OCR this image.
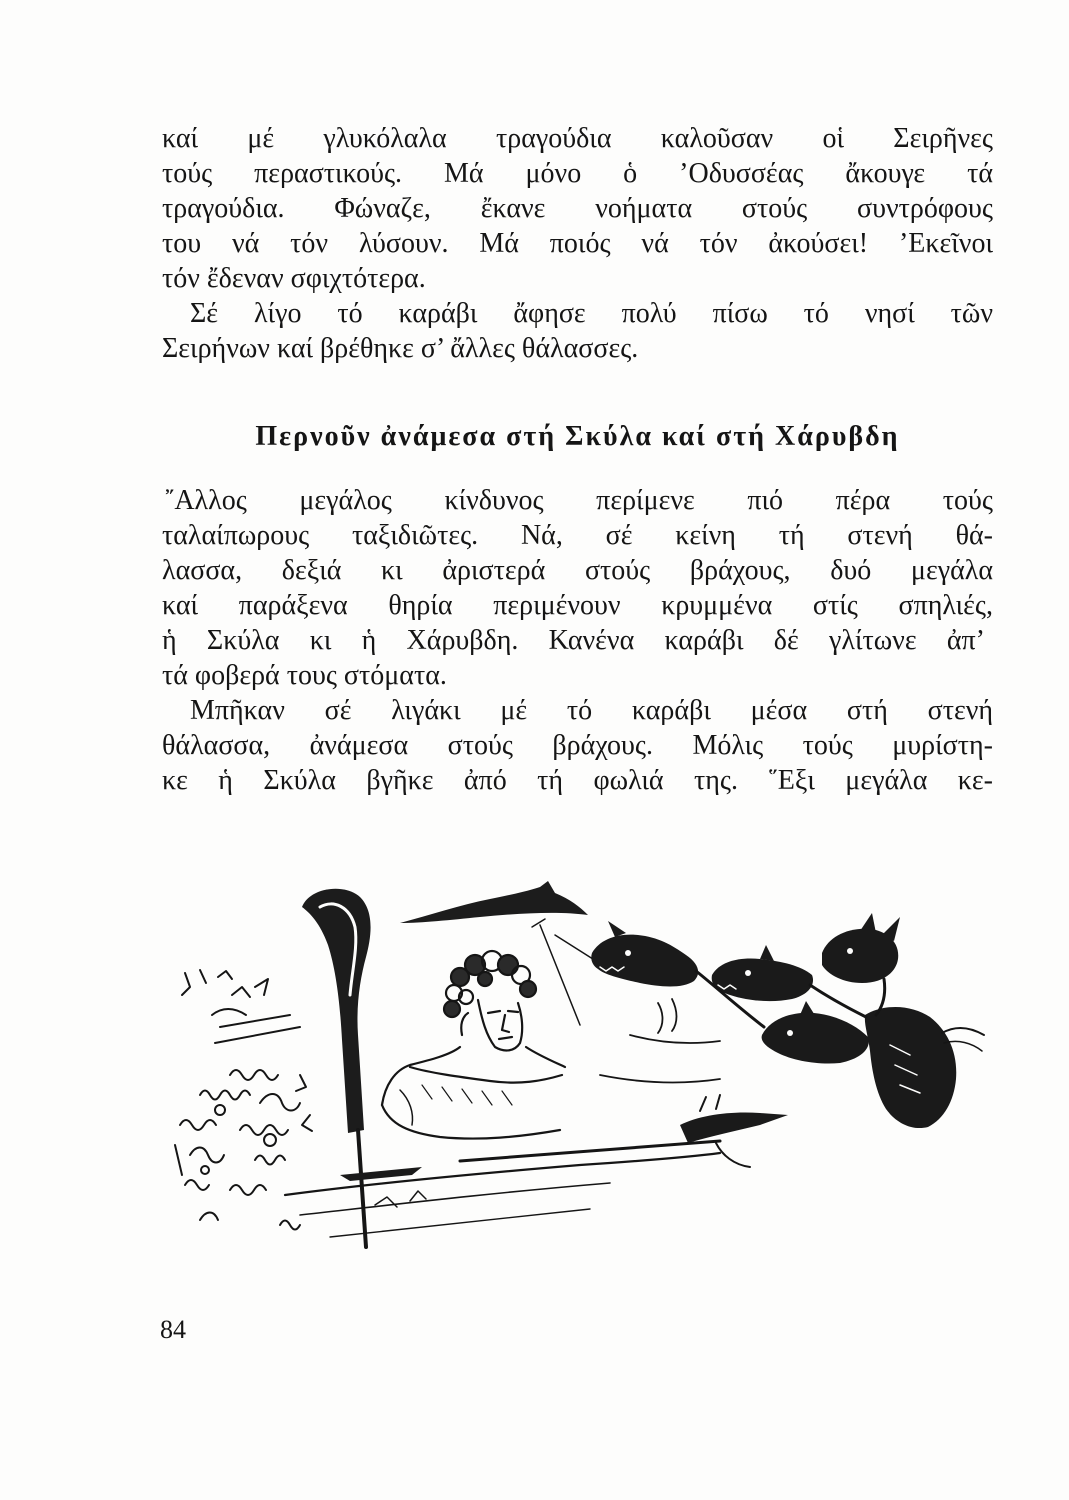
καί μέ γλυκόλαλα τραγούδια καλοῦσαν οἱ Σειρῆνες
τούς περαστικούς. Μά μόνο ὁ ’Οδυσσέας ἄκουγε τά
τραγούδια. Φώναζε, ἔκανε νοήματα στούς συντρόφους
του νά τόν λύσουν. Μά ποιός νά τόν ἀκούσει! ’Εκεῖνοι
τόν ἔδεναν σφιχτότερα.
Σέ λίγο τό καράβι ἄφησε πολύ πίσω τό νησί τῶν
Σειρήνων καί βρέθηκε σ’ ἄλλες θάλασσες.
Περνοῦν ἀνάμεσα στή Σκύλα καί στή Χάρυβδη
῎Αλλος μεγάλος κίνδυνος περίμενε πιό πέρα τούς
ταλαίπωρους ταξιδιῶτες. Νά, σέ κείνη τή στενή θά-
λασσα, δεξιά κι ἀριστερά στούς βράχους, δυό μεγάλα
καί παράξενα θηρία περιμένουν κρυμμένα στίς σπηλιές,
ἡ Σκύλα κι ἡ Χάρυβδη. Κανένα καράβι δέ γλίτωνε ἀπ’
τά φοβερά τους στόματα.
Μπῆκαν σέ λιγάκι μέ τό καράβι μέσα στή στενή
θάλασσα, ἀνάμεσα στούς βράχους. Μόλις τούς μυρίστη-
κε ἡ Σκύλα βγῆκε ἀπό τή φωλιά της. ῞Εξι μεγάλα κε-
84
